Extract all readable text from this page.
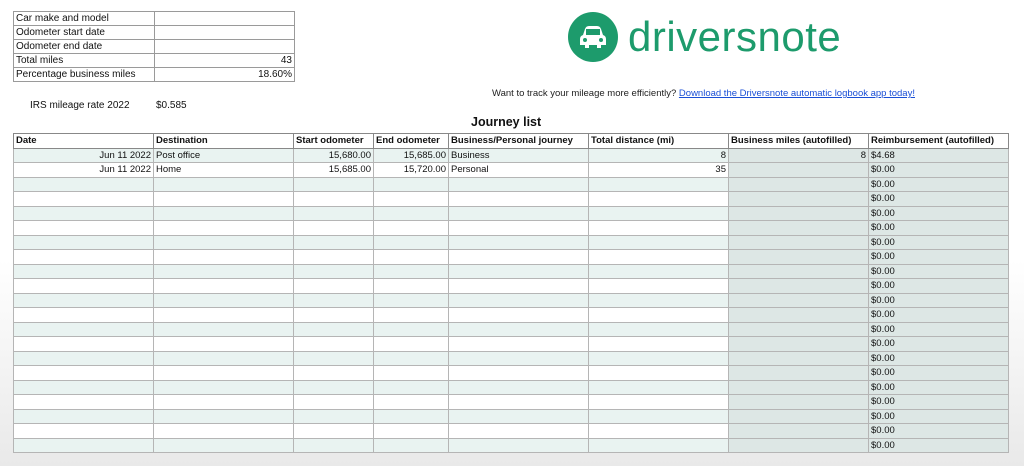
Car make and model	
Odometer start date	
Odometer end date	
Total miles	43
Percentage business miles	18.60%
IRS mileage rate 2022	$0.585
driversnote
Want to track your mileage more efficiently? Download the Driversnote automatic logbook app today!
Journey list
Date	Destination	Start odometer	End odometer	Business/Personal journey	Total distance (mi)	Business miles (autofilled)	Reimbursement (autofilled)
Jun 11 2022	Post office	15,680.00	15,685.00	Business	8	8	$4.68
Jun 11 2022	Home	15,685.00	15,720.00	Personal	35		$0.00
							$0.00
							$0.00
							$0.00
							$0.00
							$0.00
							$0.00
							$0.00
							$0.00
							$0.00
							$0.00
							$0.00
							$0.00
							$0.00
							$0.00
							$0.00
							$0.00
							$0.00
							$0.00
							$0.00
